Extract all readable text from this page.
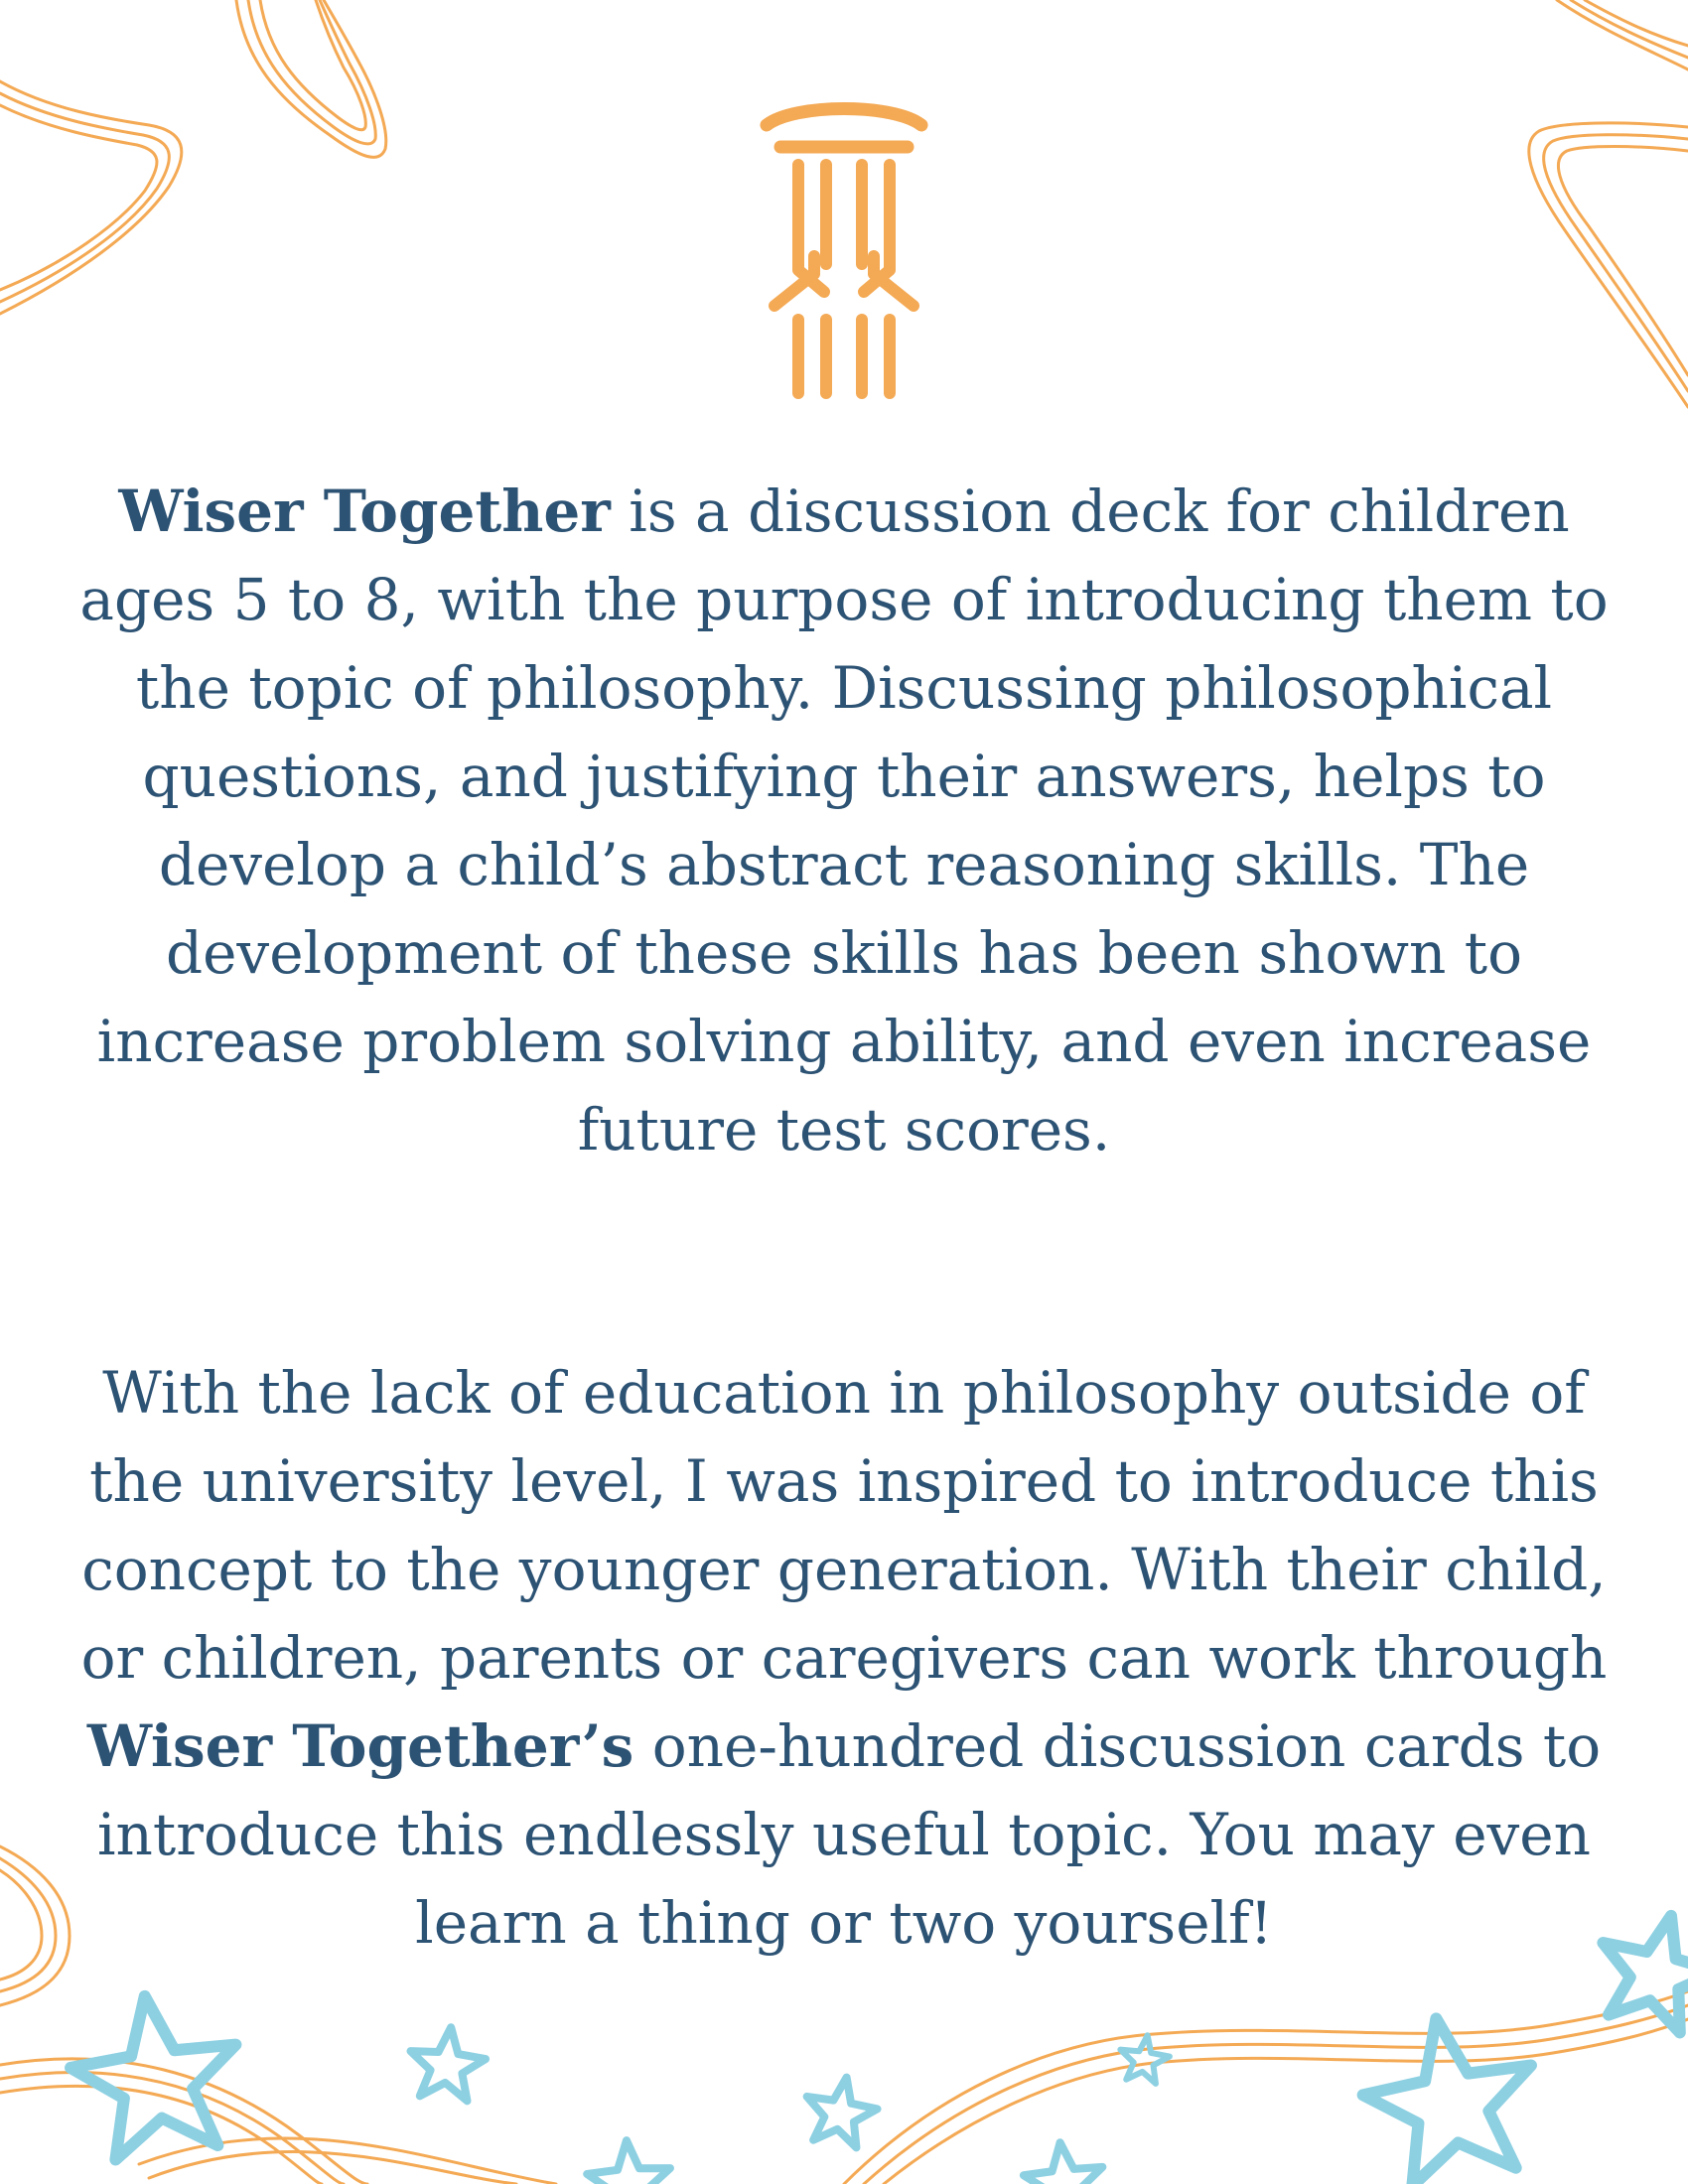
Wiser Together is a discussion deck for children ages 5 to 8, with the purpose of introducing them to the topic of philosophy. Discussing philosophical questions, and justifying their answers, helps to develop a child’s abstract reasoning skills. The development of these skills has been shown to increase problem solving ability, and even increase future test scores.

With the lack of education in philosophy outside of the university level, I was inspired to introduce this concept to the younger generation. With their child, or children, parents or caregivers can work through Wiser Together’s one-hundred discussion cards to introduce this endlessly useful topic. You may even learn a thing or two yourself!
